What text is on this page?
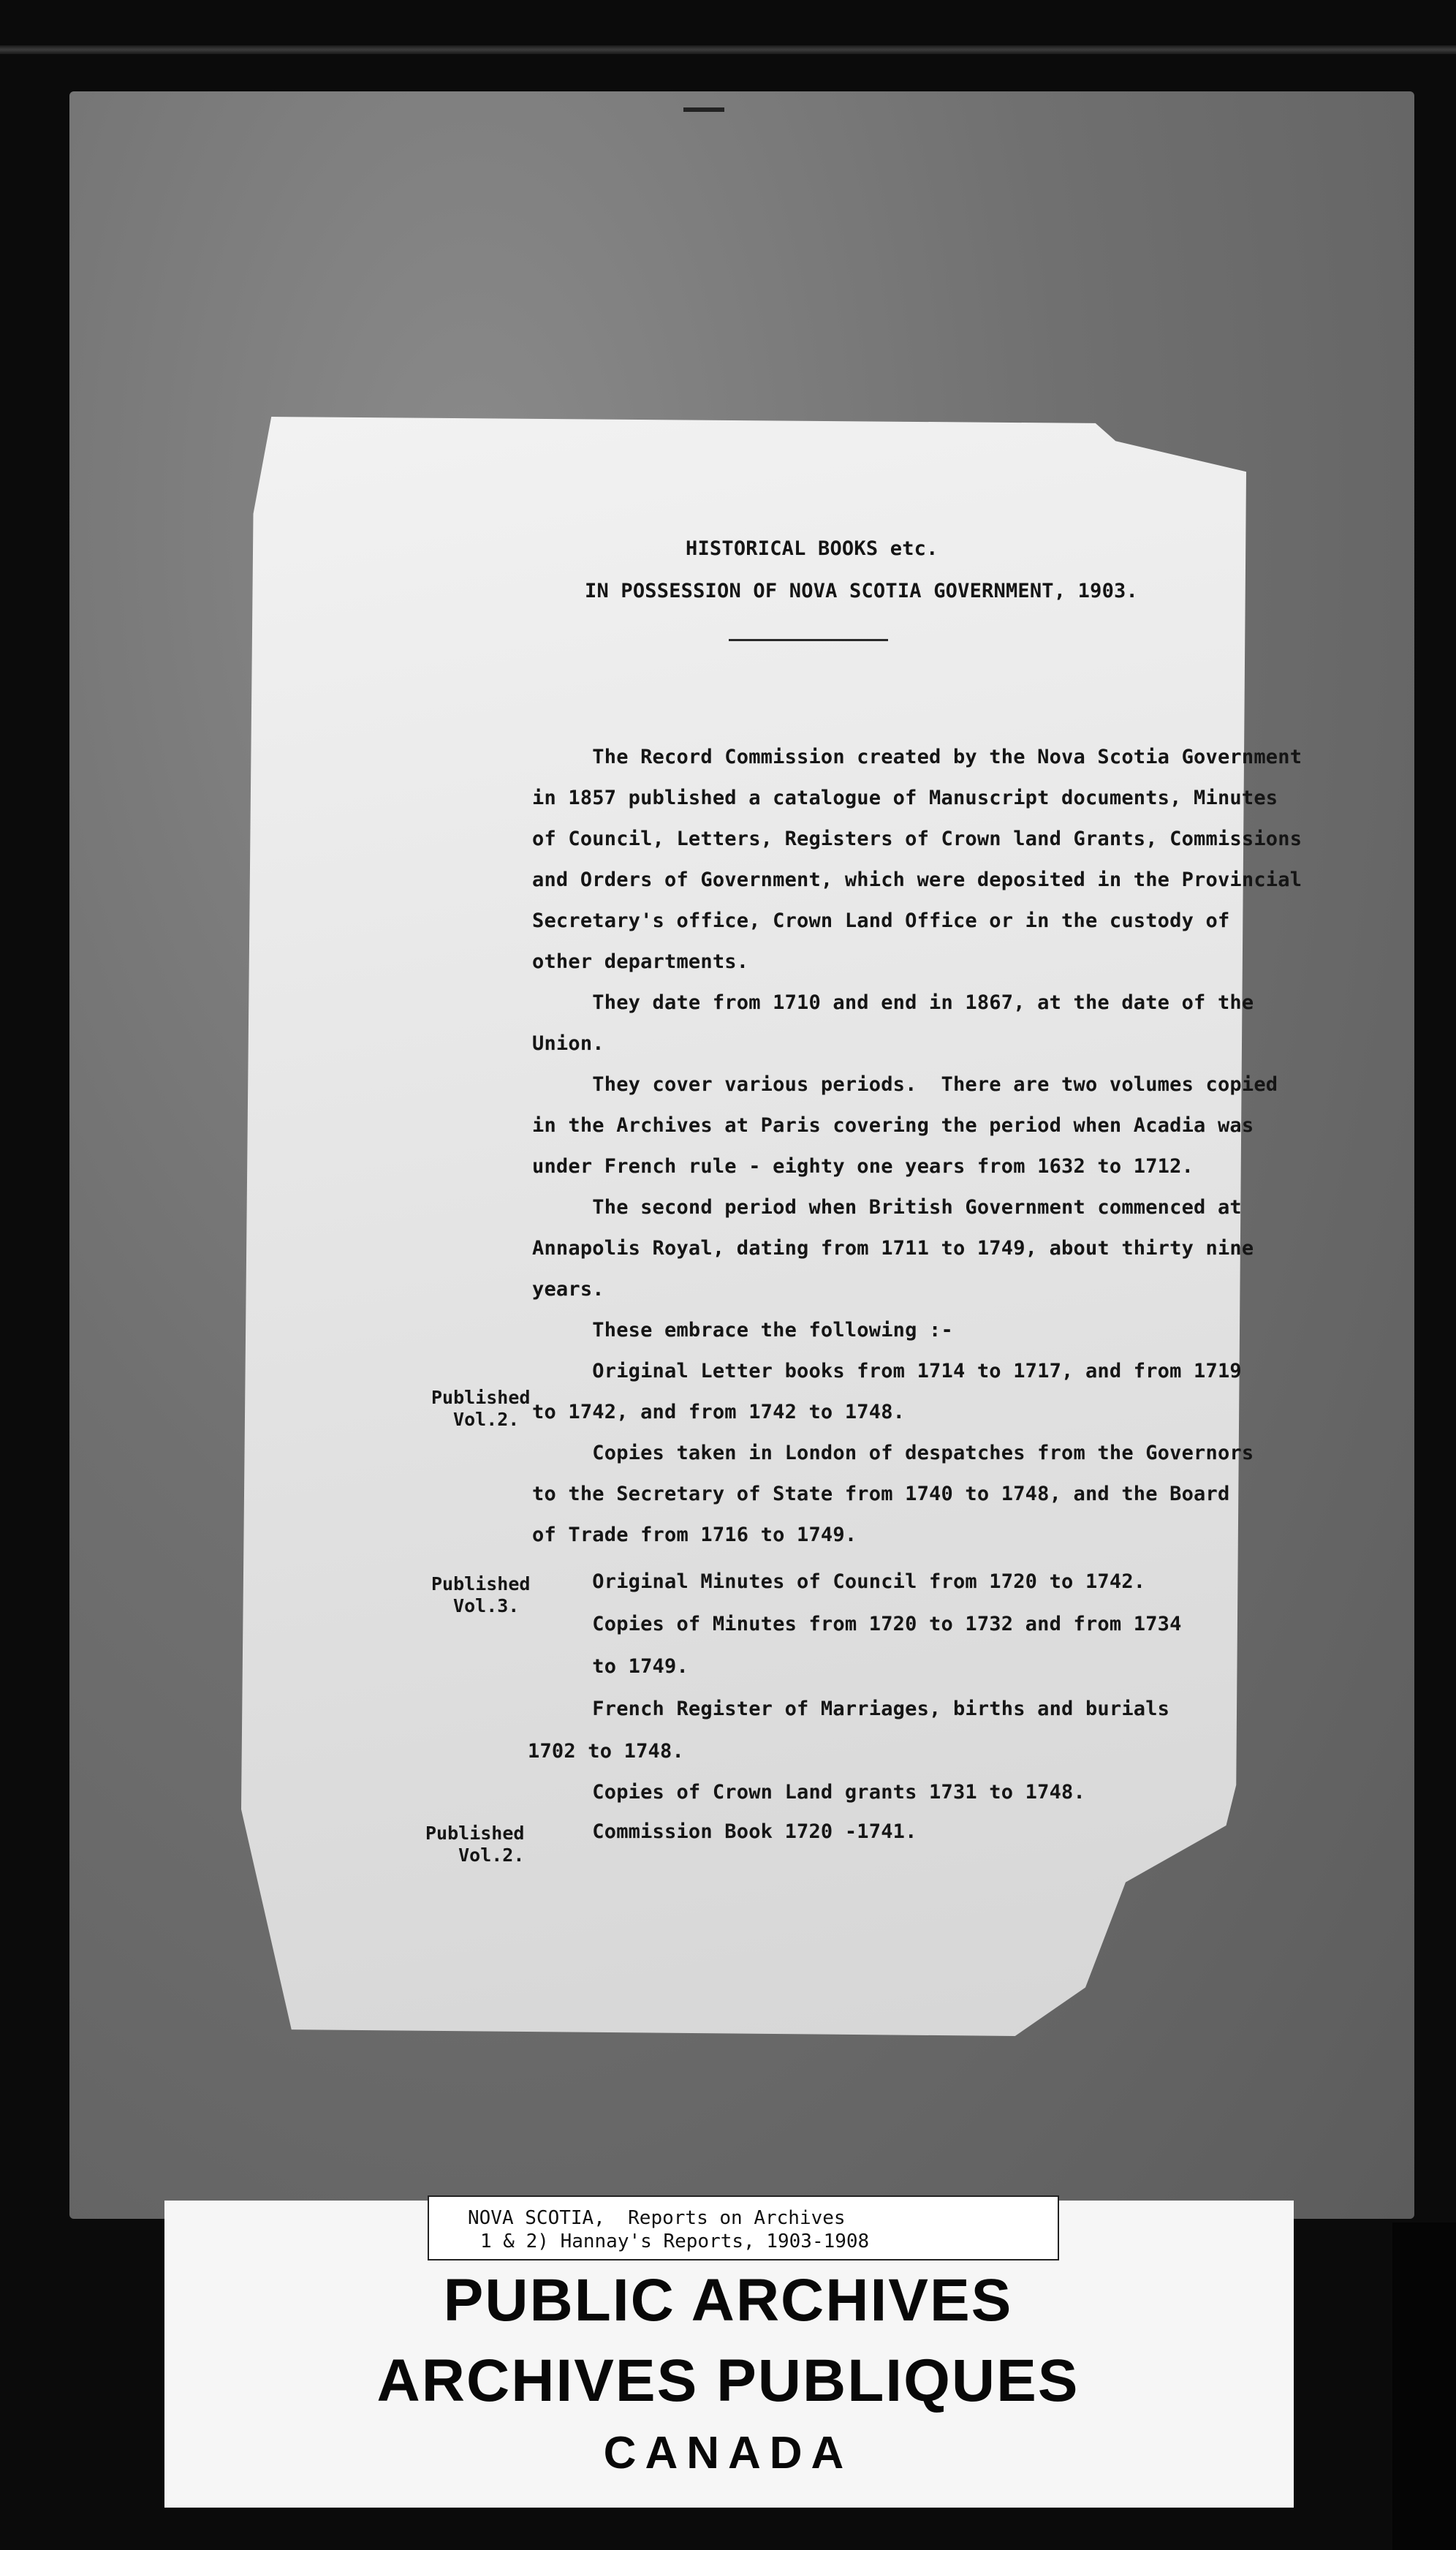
HISTORICAL BOOKS etc.
IN POSSESSION OF NOVA SCOTIA GOVERNMENT, 1903.
The Record Commission created by the Nova Scotia Government
in 1857 published a catalogue of Manuscript documents, Minutes
of Council, Letters, Registers of Crown land Grants, Commissions
and Orders of Government, which were deposited in the Provincial
Secretary's office, Crown Land Office or in the custody of
other departments.
They date from 1710 and end in 1867, at the date of the
Union.
They cover various periods.  There are two volumes copied
in the Archives at Paris covering the period when Acadia was
under French rule - eighty one years from 1632 to 1712.
The second period when British Government commenced at
Annapolis Royal, dating from 1711 to 1749, about thirty nine
years.
These embrace the following :-
Original Letter books from 1714 to 1717, and from 1719
to 1742, and from 1742 to 1748.
Copies taken in London of despatches from the Governors
to the Secretary of State from 1740 to 1748, and the Board
of Trade from 1716 to 1749.
Original Minutes of Council from 1720 to 1742.
Copies of Minutes from 1720 to 1732 and from 1734
to 1749.
French Register of Marriages, births and burials
1702 to 1748.
Copies of Crown Land grants 1731 to 1748.
Commission Book 1720 -1741.
Published
Vol.2.
Published
Vol.3.
Published
Vol.2.
NOVA SCOTIA,  Reports on Archives
1 & 2) Hannay's Reports, 1903-1908
PUBLIC ARCHIVES
ARCHIVES PUBLIQUES
CANADA
